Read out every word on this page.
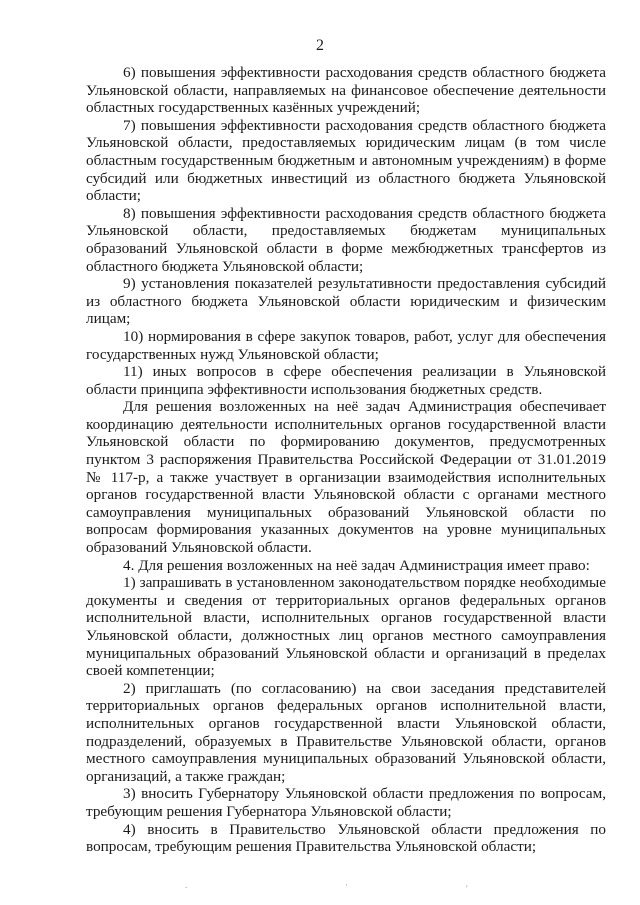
2

6) повышения эффективности расходования средств областного бюджета Ульяновской области, направляемых на финансовое обеспечение деятельности областных государственных казённых учреждений;

7) повышения эффективности расходования средств областного бюджета Ульяновской области, предоставляемых юридическим лицам (в том числе областным государственным бюджетным и автономным учреждениям) в форме субсидий или бюджетных инвестиций из областного бюджета Ульяновской области;

8) повышения эффективности расходования средств областного бюджета Ульяновской области, предоставляемых бюджетам муниципальных образований Ульяновской области в форме межбюджетных трансфертов из областного бюджета Ульяновской области;

9) установления показателей результативности предоставления субсидий из областного бюджета Ульяновской области юридическим и физическим лицам;

10) нормирования в сфере закупок товаров, работ, услуг для обеспечения государственных нужд Ульяновской области;

11) иных вопросов в сфере обеспечения реализации в Ульяновской области принципа эффективности использования бюджетных средств.

Для решения возложенных на неё задач Администрация обеспечивает координацию деятельности исполнительных органов государственной власти Ульяновской области по формированию документов, предусмотренных пунктом 3 распоряжения Правительства Российской Федерации от 31.01.2019 № 117-р, а также участвует в организации взаимодействия исполнительных органов государственной власти Ульяновской области с органами местного самоуправления муниципальных образований Ульяновской области по вопросам формирования указанных документов на уровне муниципальных образований Ульяновской области.

4. Для решения возложенных на неё задач Администрация имеет право:

1) запрашивать в установленном законодательством порядке необходимые документы и сведения от территориальных органов федеральных органов исполнительной власти, исполнительных органов государственной власти Ульяновской области, должностных лиц органов местного самоуправления муниципальных образований Ульяновской области и организаций в пределах своей компетенции;

2) приглашать (по согласованию) на свои заседания представителей территориальных органов федеральных органов исполнительной власти, исполнительных органов государственной власти Ульяновской области, подразделений, образуемых в Правительстве Ульяновской области, органов местного самоуправления муниципальных образований Ульяновской области, организаций, а также граждан;

3) вносить Губернатору Ульяновской области предложения по вопросам, требующим решения Губернатора Ульяновской области;

4) вносить в Правительство Ульяновской области предложения по вопросам, требующим решения Правительства Ульяновской области;

.	·	'
